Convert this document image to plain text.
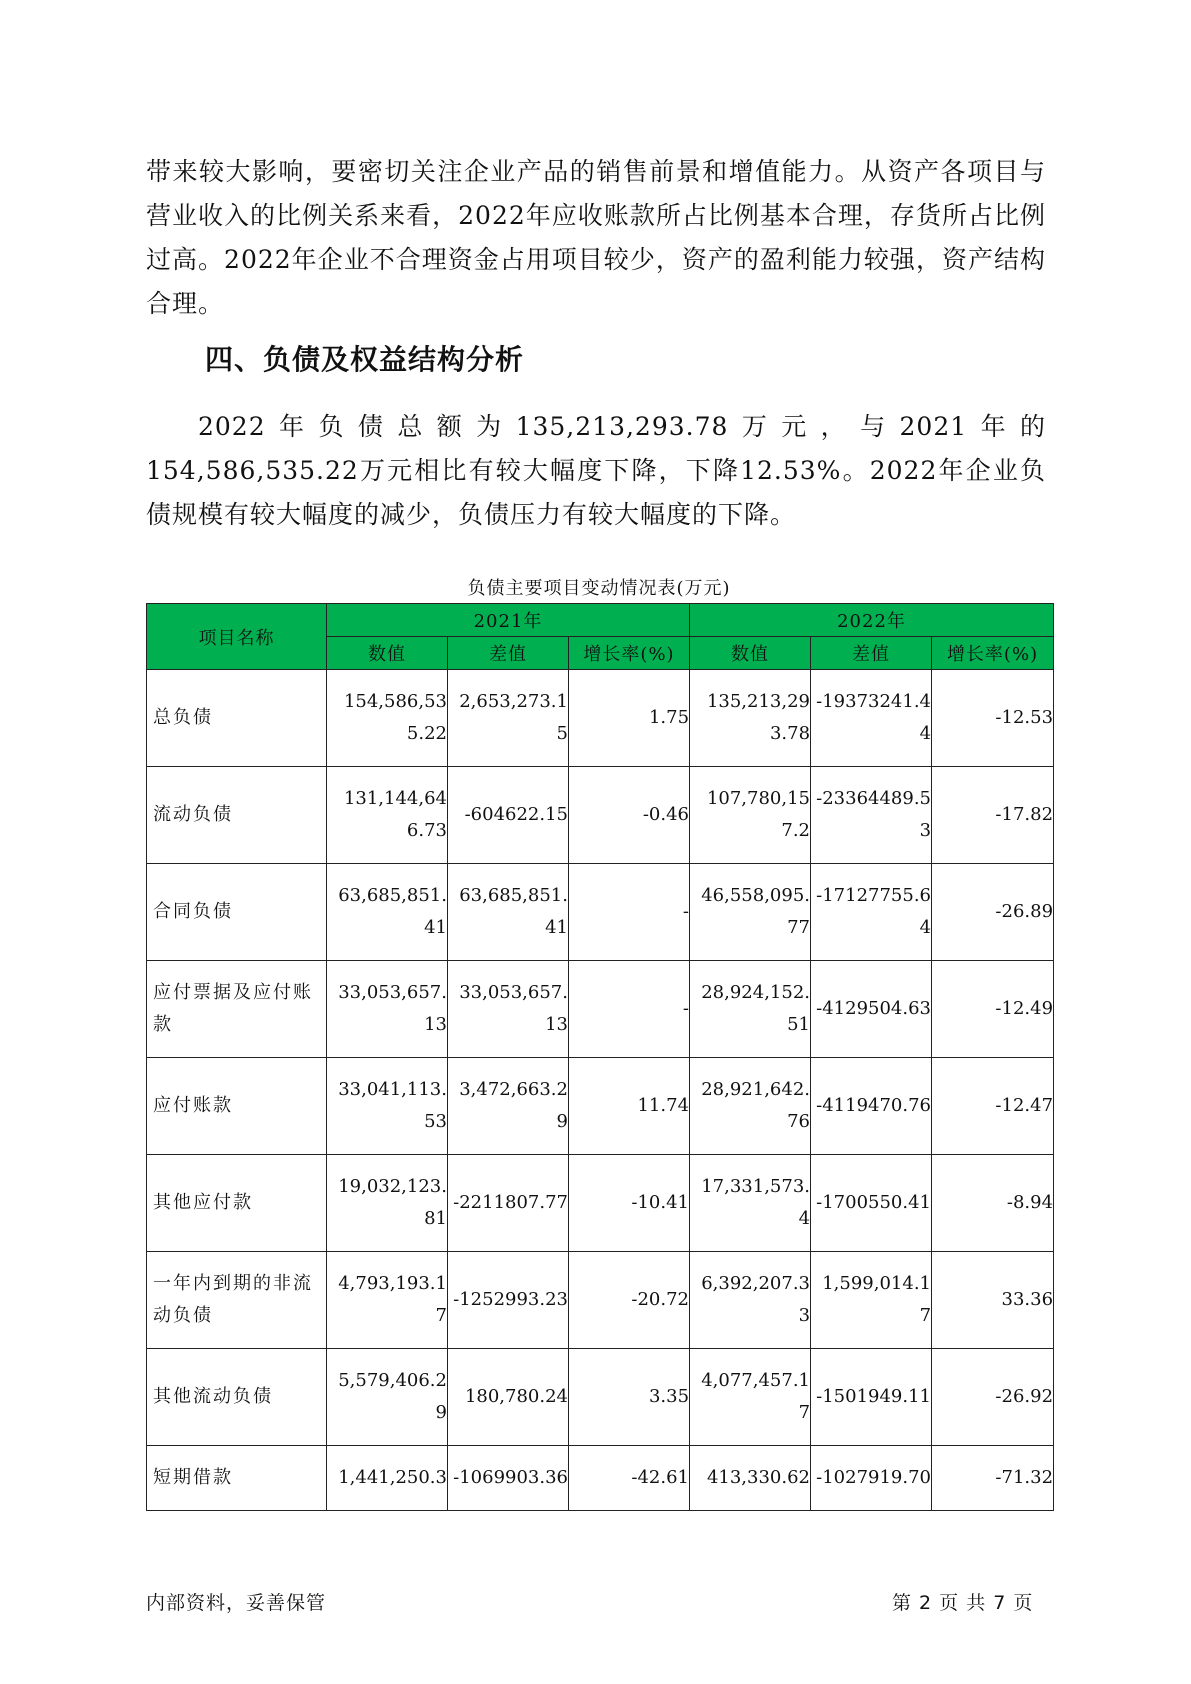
带来较大影响，要密切关注企业产品的销售前景和增值能力。从资产各项目与营业收入的比例关系来看，2022年应收账款所占比例基本合理，存货所占比例过高。2022年企业不合理资金占用项目较少，资产的盈利能力较强，资产结构合理。

四、负债及权益结构分析

2022年负债总额为135,213,293.78万元，与2021年的154,586,535.22万元相比有较大幅度下降，下降12.53%。2022年企业负债规模有较大幅度的减少，负债压力有较大幅度的下降。

负债主要项目变动情况表(万元)

项目名称	2021年			2022年		
	数值	差值	增长率(%)	数值	差值	增长率(%)
总负债	154,586,535.22	2,653,273.15	1.75	135,213,293.78	-19373241.44	-12.53
流动负债	131,144,646.73	-604622.15	-0.46	107,780,157.2	-23364489.53	-17.82
合同负债	63,685,851.41	63,685,851.41	-	46,558,095.77	-17127755.64	-26.89
应付票据及应付账款	33,053,657.13	33,053,657.13	-	28,924,152.51	-4129504.63	-12.49
应付账款	33,041,113.53	3,472,663.29	11.74	28,921,642.76	-4119470.76	-12.47
其他应付款	19,032,123.81	-2211807.77	-10.41	17,331,573.4	-1700550.41	-8.94
一年内到期的非流动负债	4,793,193.17	-1252993.23	-20.72	6,392,207.33	1,599,014.17	33.36
其他流动负债	5,579,406.29	180,780.24	3.35	4,077,457.17	-1501949.11	-26.92
短期借款	1,441,250.3	-1069903.36	-42.61	413,330.62	-1027919.70	-71.32

内部资料，妥善保管	第 2 页 共 7 页
